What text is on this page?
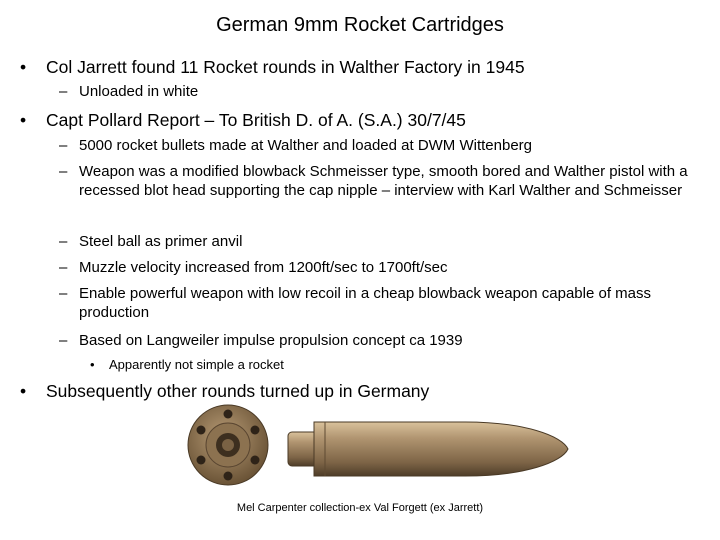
German 9mm Rocket Cartridges
• Col Jarrett found 11 Rocket rounds in Walther Factory in 1945
– Unloaded in white
• Capt Pollard Report – To British D. of A. (S.A.) 30/7/45
– 5000 rocket bullets made at Walther and loaded at DWM Wittenberg
– Weapon was a modified blowback Schmeisser type, smooth bored and Walther pistol with a recessed blot head supporting the cap nipple – interview with Karl Walther and Schmeisser
– Steel ball as primer anvil
– Muzzle velocity increased from 1200ft/sec to 1700ft/sec
– Enable powerful weapon with low recoil in a cheap blowback weapon capable of mass production
– Based on Langweiler impulse propulsion concept ca 1939
• Apparently not simple a rocket
• Subsequently other rounds turned up in Germany
Mel Carpenter collection-ex Val Forgett (ex Jarrett)
